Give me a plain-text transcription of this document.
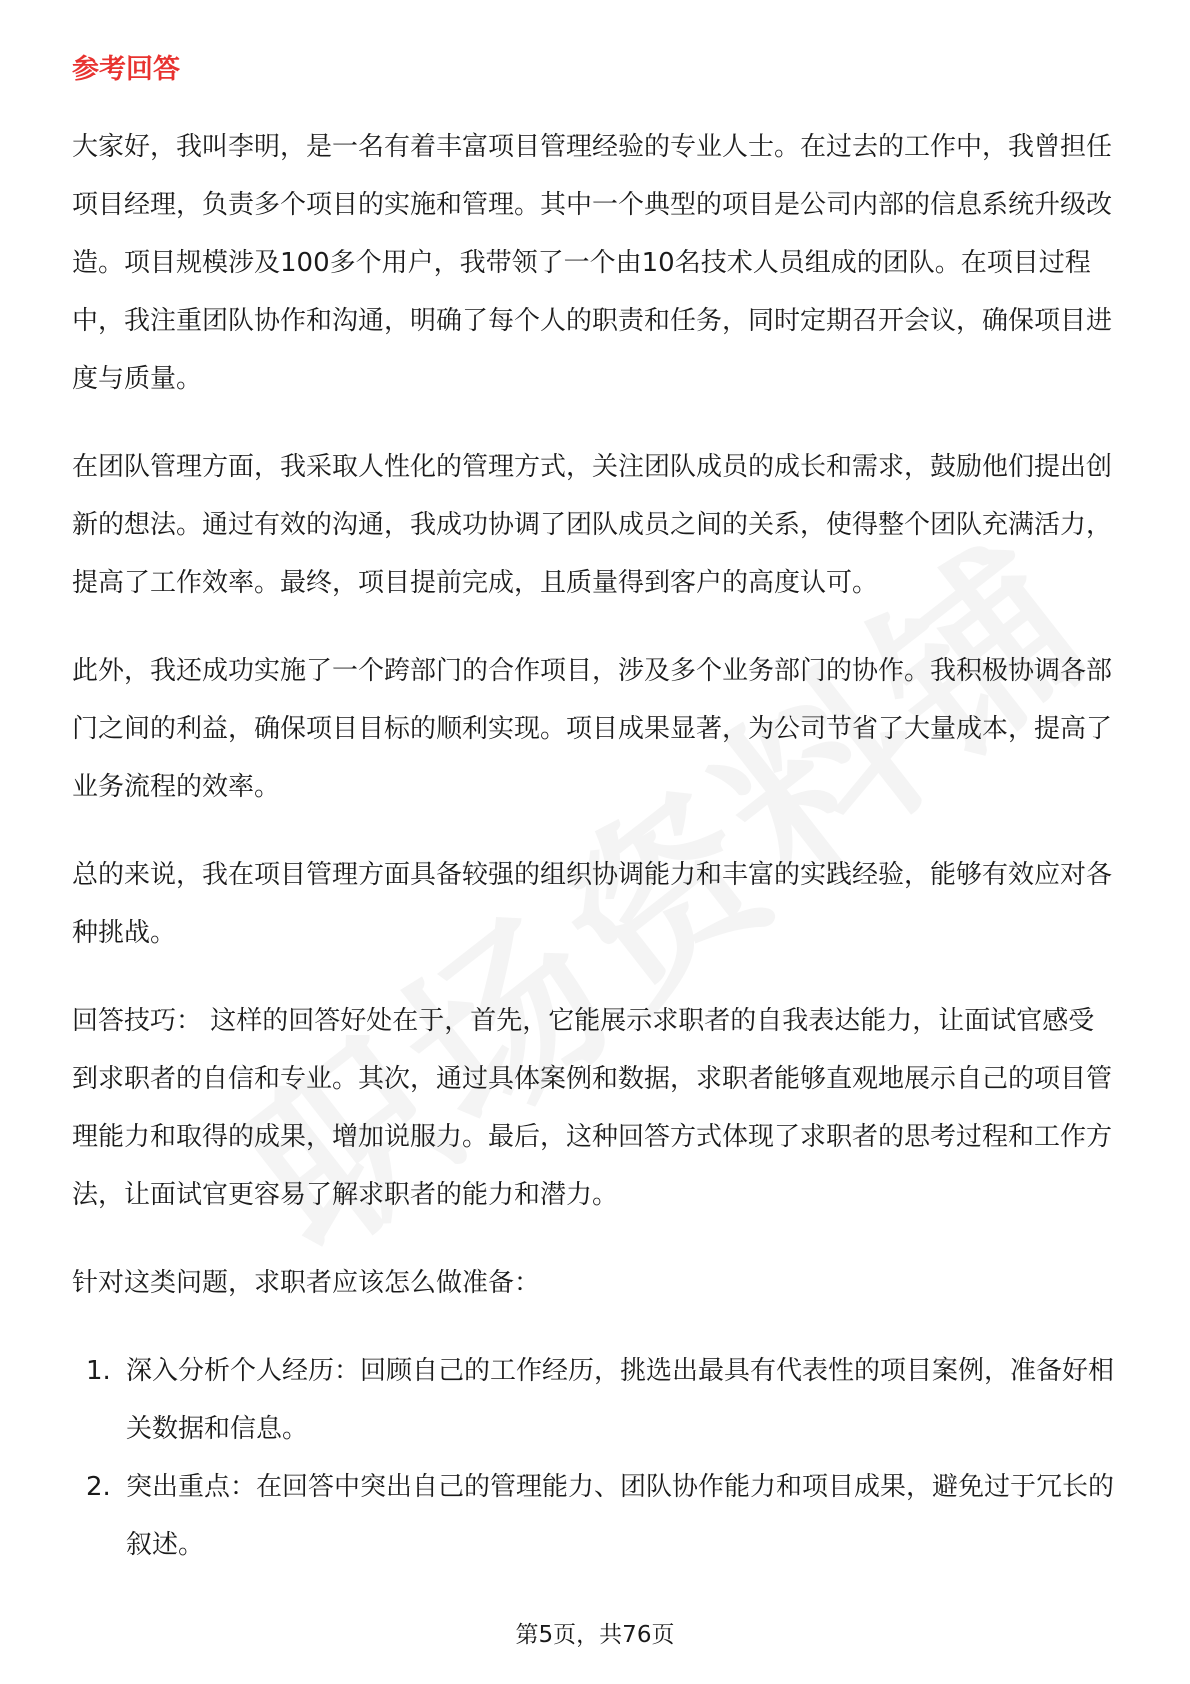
参考回答

大家好，我叫李明，是一名有着丰富项目管理经验的专业人士。在过去的工作中，我曾担任项目经理，负责多个项目的实施和管理。其中一个典型的项目是公司内部的信息系统升级改造。项目规模涉及100多个用户，我带领了一个由10名技术人员组成的团队。在项目过程中，我注重团队协作和沟通，明确了每个人的职责和任务，同时定期召开会议，确保项目进度与质量。

在团队管理方面，我采取人性化的管理方式，关注团队成员的成长和需求，鼓励他们提出创新的想法。通过有效的沟通，我成功协调了团队成员之间的关系，使得整个团队充满活力，提高了工作效率。最终，项目提前完成，且质量得到客户的高度认可。

此外，我还成功实施了一个跨部门的合作项目，涉及多个业务部门的协作。我积极协调各部门之间的利益，确保项目目标的顺利实现。项目成果显著，为公司节省了大量成本，提高了业务流程的效率。

总的来说，我在项目管理方面具备较强的组织协调能力和丰富的实践经验，能够有效应对各种挑战。

回答技巧： 这样的回答好处在于，首先，它能展示求职者的自我表达能力，让面试官感受到求职者的自信和专业。其次，通过具体案例和数据，求职者能够直观地展示自己的项目管理能力和取得的成果，增加说服力。最后，这种回答方式体现了求职者的思考过程和工作方法，让面试官更容易了解求职者的能力和潜力。

针对这类问题，求职者应该怎么做准备：

1. 深入分析个人经历：回顾自己的工作经历，挑选出最具有代表性的项目案例，准备好相关数据和信息。
2. 突出重点：在回答中突出自己的管理能力、团队协作能力和项目成果，避免过于冗长的叙述。
第5页，共76页
